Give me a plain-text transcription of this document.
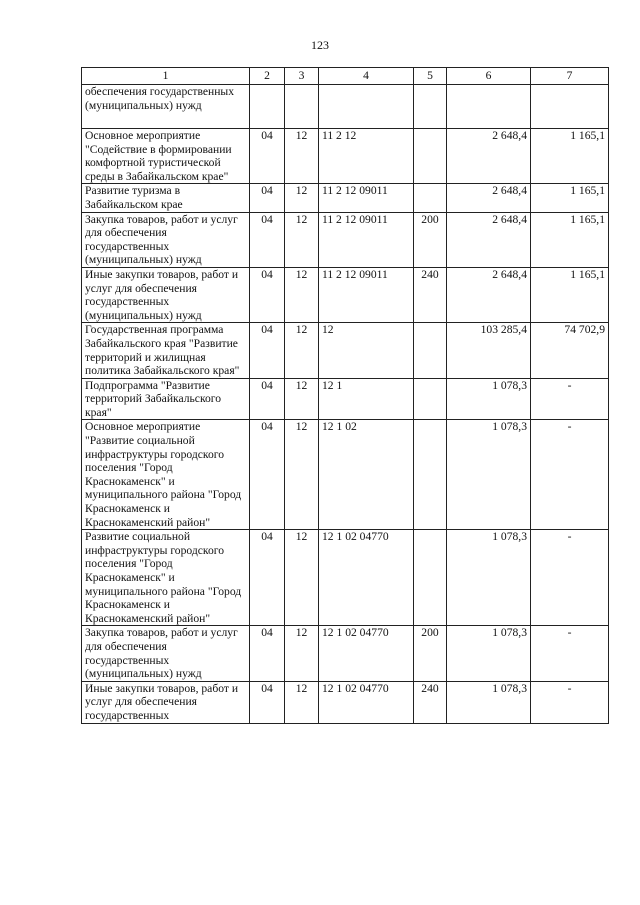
123
1	2	3	4	5	6	7
обеспечения государственных (муниципальных) нужд						
Основное мероприятие "Содействие в формировании комфортной туристической среды в Забайкальском крае"	04	12	11 2 12		2 648,4	1 165,1
Развитие туризма в Забайкальском крае	04	12	11 2 12 09011		2 648,4	1 165,1
Закупка товаров, работ и услуг для обеспечения государственных (муниципальных) нужд	04	12	11 2 12 09011	200	2 648,4	1 165,1
Иные закупки товаров, работ и услуг для обеспечения государственных (муниципальных) нужд	04	12	11 2 12 09011	240	2 648,4	1 165,1
Государственная программа Забайкальского края "Развитие территорий и жилищная политика Забайкальского края"	04	12	12		103 285,4	74 702,9
Подпрограмма "Развитие территорий Забайкальского края"	04	12	12 1		1 078,3	-
Основное мероприятие "Развитие социальной инфраструктуры городского поселения "Город Краснокаменск" и муниципального района "Город Краснокаменск и Краснокаменский район"	04	12	12 1 02		1 078,3	-
Развитие социальной инфраструктуры городского поселения "Город Краснокаменск" и муниципального района "Город Краснокаменск и Краснокаменский район"	04	12	12 1 02 04770		1 078,3	-
Закупка товаров, работ и услуг для обеспечения государственных (муниципальных) нужд	04	12	12 1 02 04770	200	1 078,3	-
Иные закупки товаров, работ и услуг для обеспечения государственных	04	12	12 1 02 04770	240	1 078,3	-
